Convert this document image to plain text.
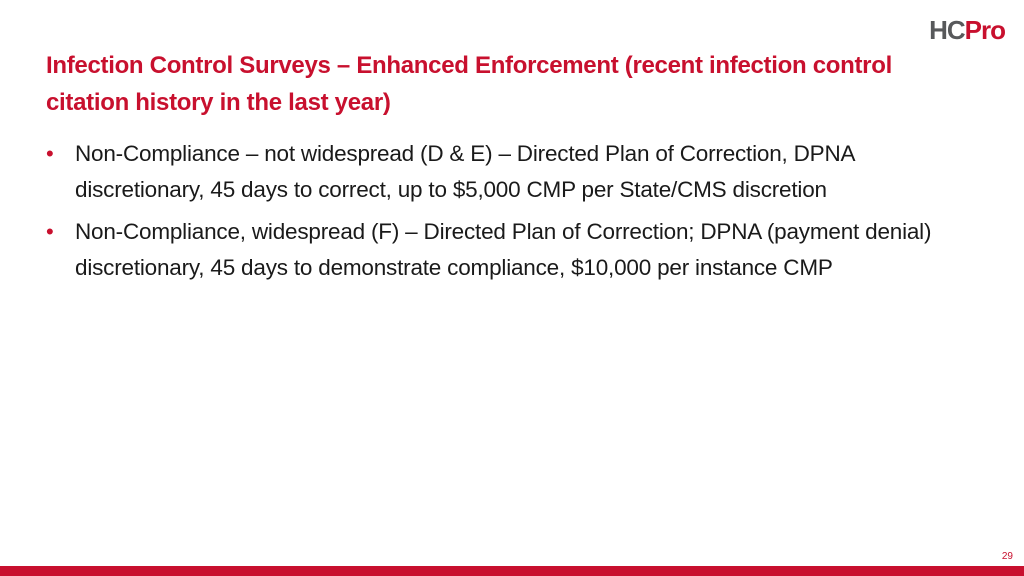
HCPro
Infection Control Surveys – Enhanced Enforcement (recent infection control citation history in the last year)
• Non-Compliance – not widespread (D & E) – Directed Plan of Correction, DPNA discretionary, 45 days to correct, up to $5,000 CMP per State/CMS discretion
• Non-Compliance, widespread (F) – Directed Plan of Correction; DPNA (payment denial) discretionary, 45 days to demonstrate compliance, $10,000 per instance CMP
29
